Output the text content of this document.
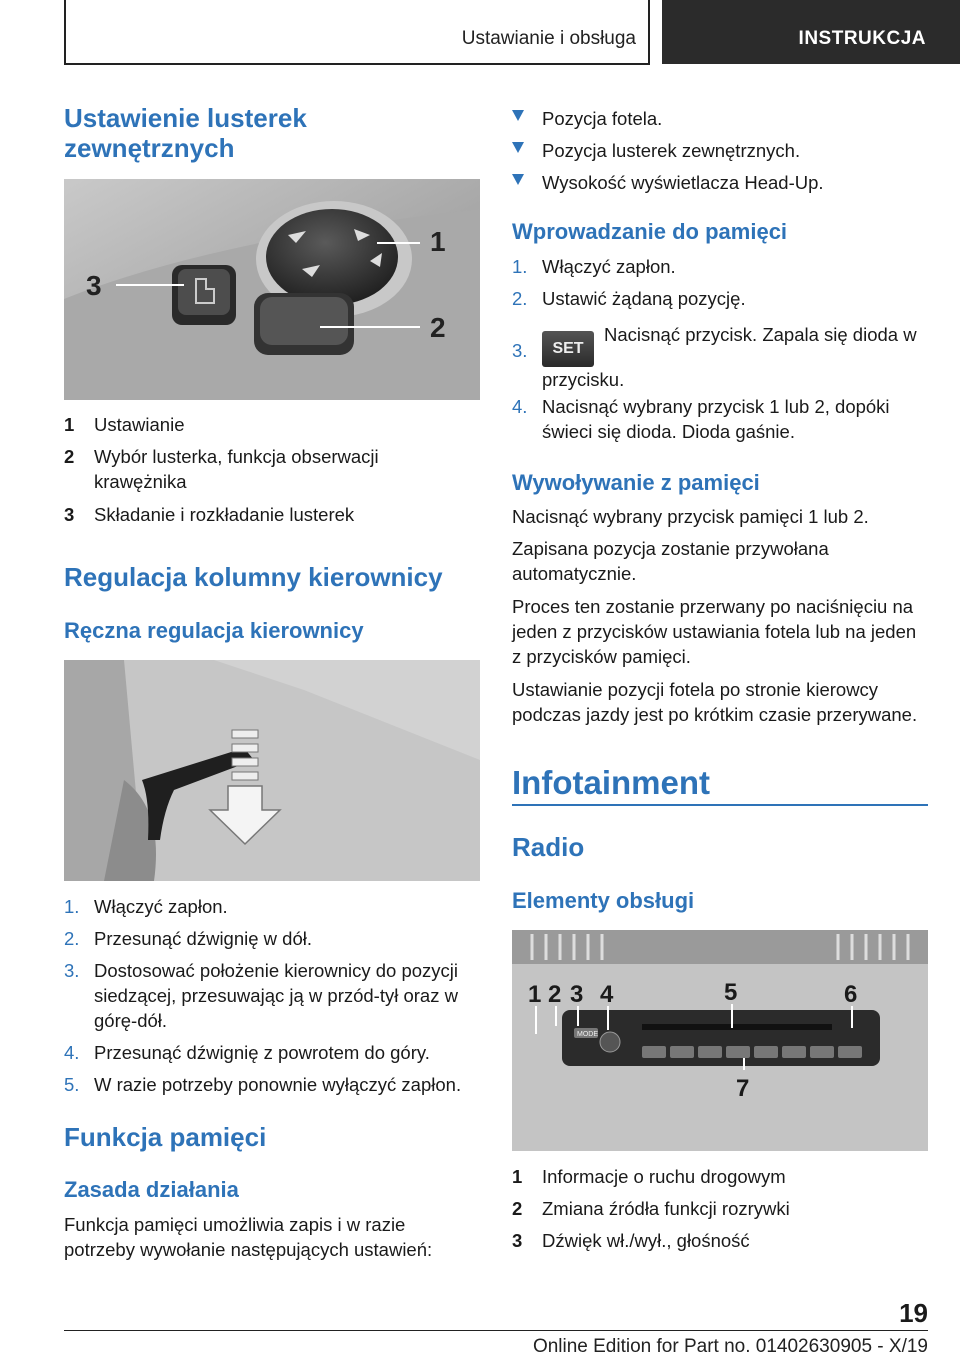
Ustawianie i obsługa	INSTRUKCJA
Ustawienie lusterek zewnętrznych
1
2
3
1 Ustawianie
2 Wybór lusterka, funkcja obserwacji krawężnika
3 Składanie i rozkładanie lusterek
Regulacja kolumny kierownicy
Ręczna regulacja kierownicy
1. Włączyć zapłon.
2. Przesunąć dźwignię w dół.
3. Dostosować położenie kierownicy do pozycji siedzącej, przesuwając ją w przód-tył oraz w górę-dół.
4. Przesunąć dźwignię z powrotem do góry.
5. W razie potrzeby ponownie wyłączyć zapłon.
Funkcja pamięci
Zasada działania

Funkcja pamięci umożliwia zapis i w razie potrzeby wywołanie następujących ustawień:

Pozycja fotela.
Pozycja lusterek zewnętrznych.
Wysokość wyświetlacza Head-Up.
Wprowadzanie do pamięci
1. Włączyć zapłon.
2. Ustawić żądaną pozycję.
3.	SETNacisnąć przycisk. Zapala się dioda w przycisku.
4. Nacisnąć wybrany przycisk 1 lub 2, dopóki świeci się dioda. Dioda gaśnie.
Wywoływanie z pamięci

Nacisnąć wybrany przycisk pamięci 1 lub 2.

Zapisana pozycja zostanie przywołana automatycznie.

Proces ten zostanie przerwany po naciśnięciu na jeden z przycisków ustawiania fotela lub na jeden z przycisków pamięci.

Ustawianie pozycji fotela po stronie kierowcy podczas jazdy jest po krótkim czasie przerywane.

Infotainment
Radio
Elementy obsługi
MODE
1 2 3 4	5	6
7
1 Informacje o ruchu drogowym
2 Zmiana źródła funkcji rozrywki
3 Dźwięk wł./wył., głośność
19
Online Edition for Part no. 01402630905 - X/19
